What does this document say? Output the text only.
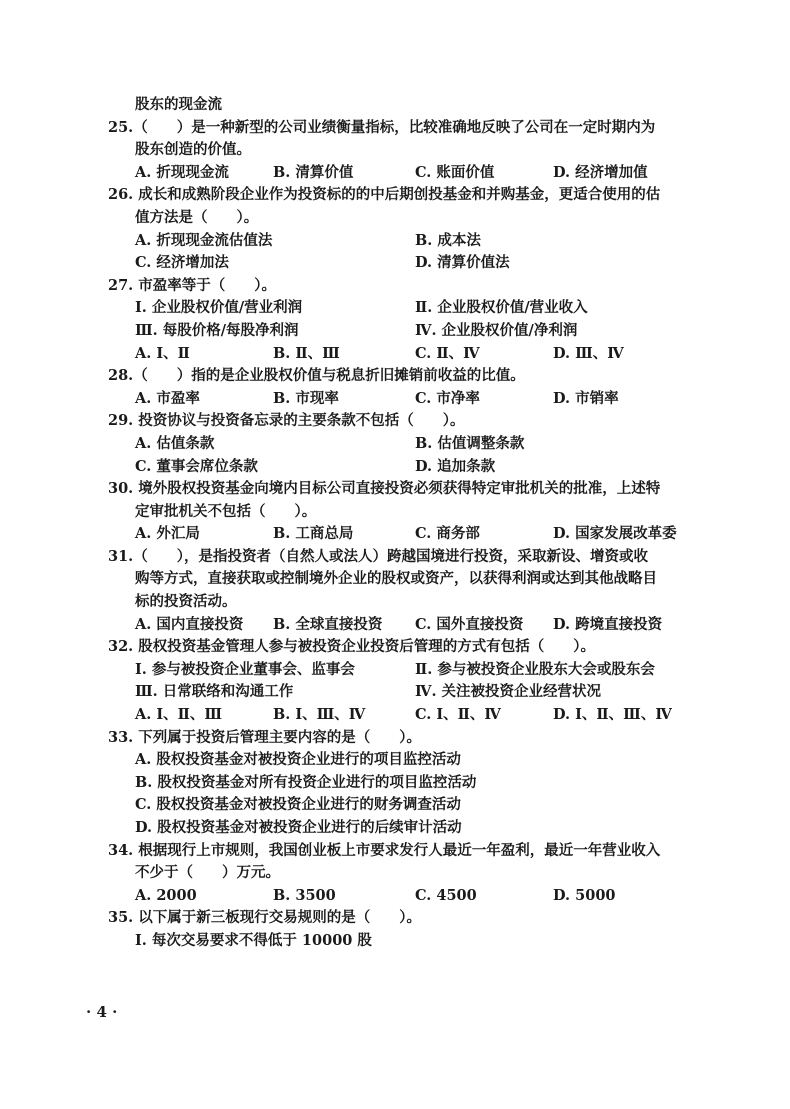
股东的现金流
25.（　　）是一种新型的公司业绩衡量指标，比较准确地反映了公司在一定时期内为
股东创造的价值。
A. 折现现金流	B. 清算价值	C. 账面价值	D. 经济增加值
26. 成长和成熟阶段企业作为投资标的的中后期创投基金和并购基金，更适合使用的估
值方法是（　　）。
A. 折现现金流估值法	B. 成本法
C. 经济增加法	D. 清算价值法
27. 市盈率等于（　　）。
Ⅰ. 企业股权价值/营业利润	Ⅱ. 企业股权价值/营业收入
Ⅲ. 每股价格/每股净利润	Ⅳ. 企业股权价值/净利润
A. Ⅰ、Ⅱ	B. Ⅱ、Ⅲ	C. Ⅱ、Ⅳ	D. Ⅲ、Ⅳ
28.（　　）指的是企业股权价值与税息折旧摊销前收益的比值。
A. 市盈率	B. 市现率	C. 市净率	D. 市销率
29. 投资协议与投资备忘录的主要条款不包括（　　）。
A. 估值条款	B. 估值调整条款
C. 董事会席位条款	D. 追加条款
30. 境外股权投资基金向境内目标公司直接投资必须获得特定审批机关的批准，上述特
定审批机关不包括（　　）。
A. 外汇局	B. 工商总局	C. 商务部	D. 国家发展改革委
31.（　　），是指投资者（自然人或法人）跨越国境进行投资，采取新设、增资或收
购等方式，直接获取或控制境外企业的股权或资产，以获得利润或达到其他战略目
标的投资活动。
A. 国内直接投资	B. 全球直接投资	C. 国外直接投资	D. 跨境直接投资
32. 股权投资基金管理人参与被投资企业投资后管理的方式有包括（　　）。
Ⅰ. 参与被投资企业董事会、监事会	Ⅱ. 参与被投资企业股东大会或股东会
Ⅲ. 日常联络和沟通工作	Ⅳ. 关注被投资企业经营状况
A. Ⅰ、Ⅱ、Ⅲ	B. Ⅰ、Ⅲ、Ⅳ	C. Ⅰ、Ⅱ、Ⅳ	D. Ⅰ、Ⅱ、Ⅲ、Ⅳ
33. 下列属于投资后管理主要内容的是（　　）。
A. 股权投资基金对被投资企业进行的项目监控活动
B. 股权投资基金对所有投资企业进行的项目监控活动
C. 股权投资基金对被投资企业进行的财务调查活动
D. 股权投资基金对被投资企业进行的后续审计活动
34. 根据现行上市规则，我国创业板上市要求发行人最近一年盈利，最近一年营业收入
不少于（　　）万元。
A. 2000	B. 3500	C. 4500	D. 5000
35. 以下属于新三板现行交易规则的是（　　）。
Ⅰ. 每次交易要求不得低于 10000 股
· 4 ·
